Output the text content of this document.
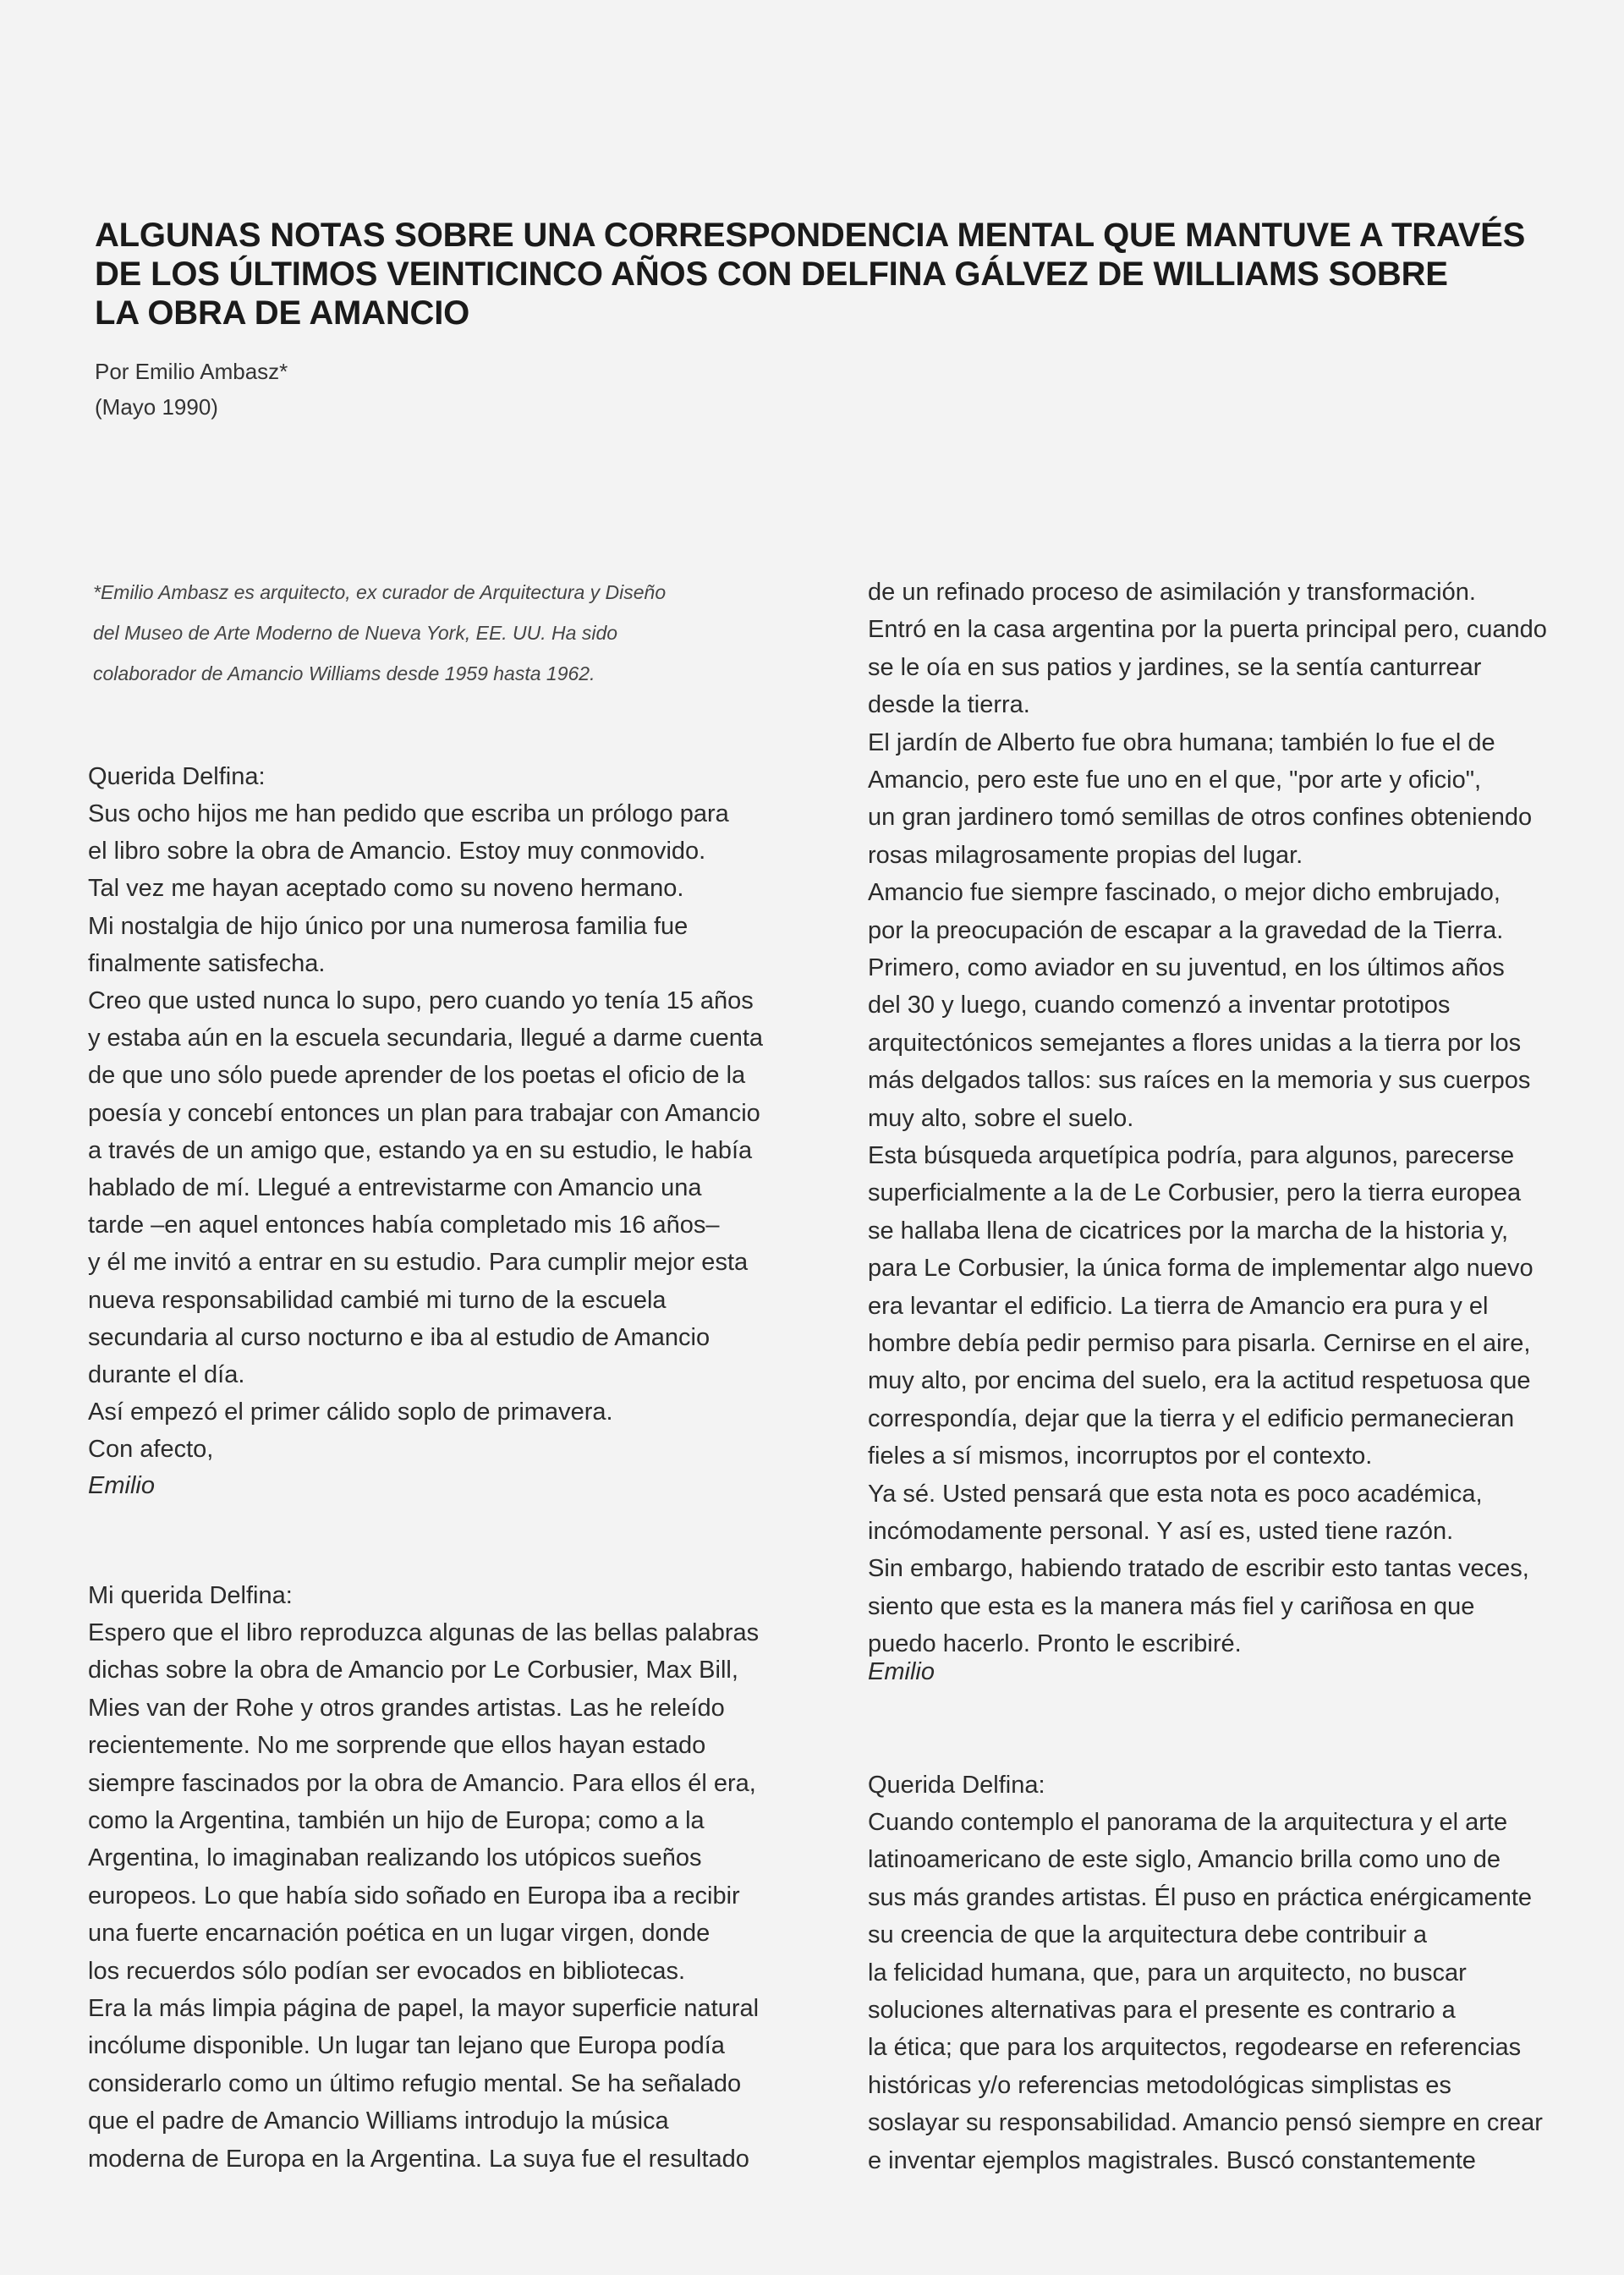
ALGUNAS NOTAS SOBRE UNA CORRESPONDENCIA MENTAL QUE MANTUVE A TRAVÉS
DE LOS ÚLTIMOS VEINTICINCO AÑOS CON DELFINA GÁLVEZ DE WILLIAMS SOBRE
LA OBRA DE AMANCIO
Por Emilio Ambasz*
(Mayo 1990)
*Emilio Ambasz es arquitecto, ex curador de Arquitectura y Diseño
del Museo de Arte Moderno de Nueva York, EE. UU. Ha sido
colaborador de Amancio Williams desde 1959 hasta 1962.
Querida Delfina:
Sus ocho hijos me han pedido que escriba un prólogo para
el libro sobre la obra de Amancio. Estoy muy conmovido.
Tal vez me hayan aceptado como su noveno hermano.
Mi nostalgia de hijo único por una numerosa familia fue
finalmente satisfecha.
Creo que usted nunca lo supo, pero cuando yo tenía 15 años
y estaba aún en la escuela secundaria, llegué a darme cuenta
de que uno sólo puede aprender de los poetas el oficio de la
poesía y concebí entonces un plan para trabajar con Amancio
a través de un amigo que, estando ya en su estudio, le había
hablado de mí. Llegué a entrevistarme con Amancio una
tarde –en aquel entonces había completado mis 16 años–
y él me invitó a entrar en su estudio. Para cumplir mejor esta
nueva responsabilidad cambié mi turno de la escuela
secundaria al curso nocturno e iba al estudio de Amancio
durante el día.
Así empezó el primer cálido soplo de primavera.
Con afecto,
Emilio
Mi querida Delfina:
Espero que el libro reproduzca algunas de las bellas palabras
dichas sobre la obra de Amancio por Le Corbusier, Max Bill,
Mies van der Rohe y otros grandes artistas. Las he releído
recientemente. No me sorprende que ellos hayan estado
siempre fascinados por la obra de Amancio. Para ellos él era,
como la Argentina, también un hijo de Europa; como a la
Argentina, lo imaginaban realizando los utópicos sueños
europeos. Lo que había sido soñado en Europa iba a recibir
una fuerte encarnación poética en un lugar virgen, donde
los recuerdos sólo podían ser evocados en bibliotecas.
Era la más limpia página de papel, la mayor superficie natural
incólume disponible. Un lugar tan lejano que Europa podía
considerarlo como un último refugio mental. Se ha señalado
que el padre de Amancio Williams introdujo la música
moderna de Europa en la Argentina. La suya fue el resultado
de un refinado proceso de asimilación y transformación.
Entró en la casa argentina por la puerta principal pero, cuando
se le oía en sus patios y jardines, se la sentía canturrear
desde la tierra.
El jardín de Alberto fue obra humana; también lo fue el de
Amancio, pero este fue uno en el que, "por arte y oficio",
un gran jardinero tomó semillas de otros confines obteniendo
rosas milagrosamente propias del lugar.
Amancio fue siempre fascinado, o mejor dicho embrujado,
por la preocupación de escapar a la gravedad de la Tierra.
Primero, como aviador en su juventud, en los últimos años
del 30 y luego, cuando comenzó a inventar prototipos
arquitectónicos semejantes a flores unidas a la tierra por los
más delgados tallos: sus raíces en la memoria y sus cuerpos
muy alto, sobre el suelo.
Esta búsqueda arquetípica podría, para algunos, parecerse
superficialmente a la de Le Corbusier, pero la tierra europea
se hallaba llena de cicatrices por la marcha de la historia y,
para Le Corbusier, la única forma de implementar algo nuevo
era levantar el edificio. La tierra de Amancio era pura y el
hombre debía pedir permiso para pisarla. Cernirse en el aire,
muy alto, por encima del suelo, era la actitud respetuosa que
correspondía, dejar que la tierra y el edificio permanecieran
fieles a sí mismos, incorruptos por el contexto.
Ya sé. Usted pensará que esta nota es poco académica,
incómodamente personal. Y así es, usted tiene razón.
Sin embargo, habiendo tratado de escribir esto tantas veces,
siento que esta es la manera más fiel y cariñosa en que
puedo hacerlo. Pronto le escribiré.
Emilio
Querida Delfina:
Cuando contemplo el panorama de la arquitectura y el arte
latinoamericano de este siglo, Amancio brilla como uno de
sus más grandes artistas. Él puso en práctica enérgicamente
su creencia de que la arquitectura debe contribuir a
la felicidad humana, que, para un arquitecto, no buscar
soluciones alternativas para el presente es contrario a
la ética; que para los arquitectos, regodearse en referencias
históricas y/o referencias metodológicas simplistas es
soslayar su responsabilidad. Amancio pensó siempre en crear
e inventar ejemplos magistrales. Buscó constantemente
